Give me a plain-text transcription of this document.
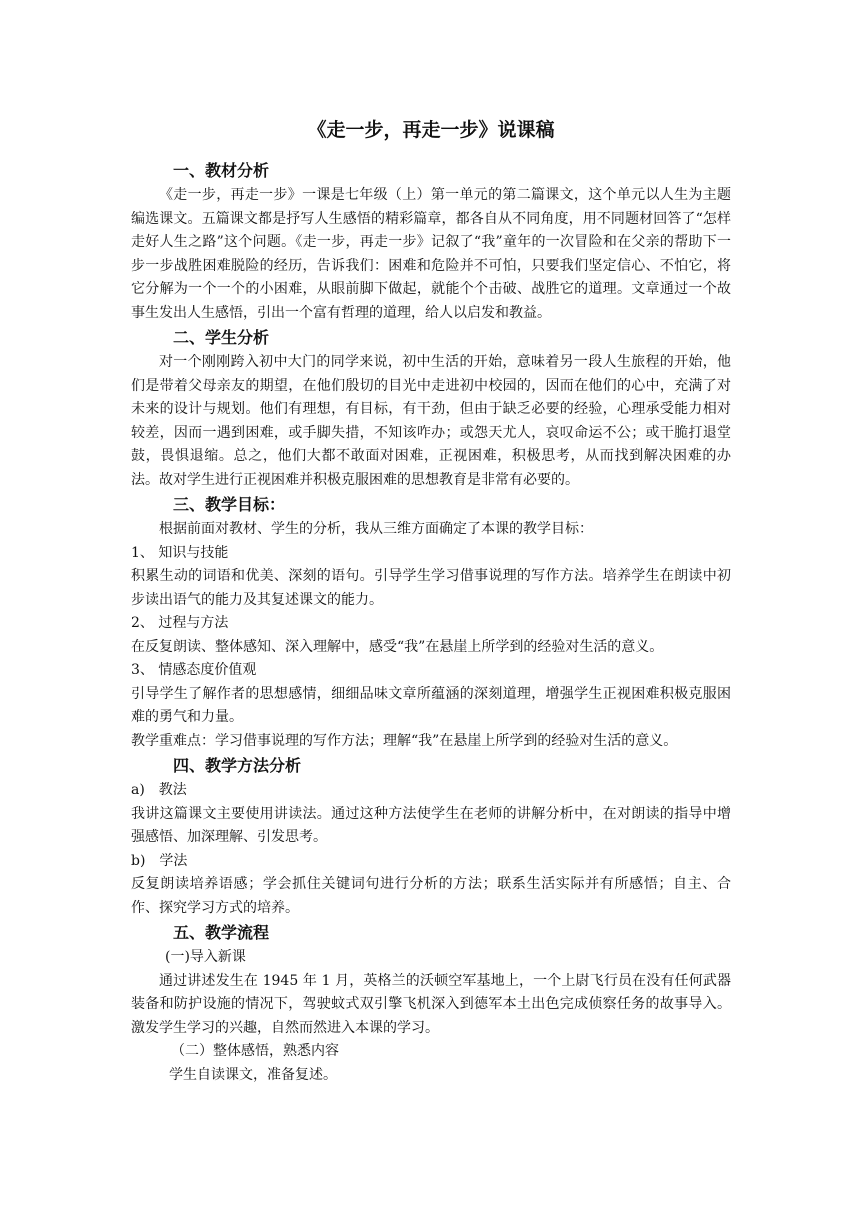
《走一步，再走一步》说课稿
一、教材分析

《走一步，再走一步》一课是七年级（上）第一单元的第二篇课文，这个单元以人生为主题编选课文。五篇课文都是抒写人生感悟的精彩篇章，都各自从不同角度，用不同题材回答了“怎样走好人生之路”这个问题。《走一步，再走一步》记叙了“我”童年的一次冒险和在父亲的帮助下一步一步战胜困难脱险的经历，告诉我们：困难和危险并不可怕，只要我们坚定信心、不怕它，将它分解为一个一个的小困难，从眼前脚下做起，就能个个击破、战胜它的道理。文章通过一个故事生发出人生感悟，引出一个富有哲理的道理，给人以启发和教益。

二、学生分析

对一个刚刚跨入初中大门的同学来说，初中生活的开始，意味着另一段人生旅程的开始，他们是带着父母亲友的期望，在他们殷切的目光中走进初中校园的，因而在他们的心中，充满了对未来的设计与规划。他们有理想，有目标，有干劲，但由于缺乏必要的经验，心理承受能力相对较差，因而一遇到困难，或手脚失措，不知该咋办；或怨天尤人，哀叹命运不公；或干脆打退堂鼓，畏惧退缩。总之，他们大都不敢面对困难，正视困难，积极思考，从而找到解决困难的办法。故对学生进行正视困难并积极克服困难的思想教育是非常有必要的。

三、教学目标：

根据前面对教材、学生的分析，我从三维方面确定了本课的教学目标：

1、 知识与技能

积累生动的词语和优美、深刻的语句。引导学生学习借事说理的写作方法。培养学生在朗读中初步读出语气的能力及其复述课文的能力。

2、 过程与方法

在反复朗读、整体感知、深入理解中，感受“我”在悬崖上所学到的经验对生活的意义。

3、 情感态度价值观

引导学生了解作者的思想感情，细细品味文章所蕴涵的深刻道理，增强学生正视困难积极克服困难的勇气和力量。

教学重难点：学习借事说理的写作方法；理解“我”在悬崖上所学到的经验对生活的意义。

四、教学方法分析

a)　教法

我讲这篇课文主要使用讲读法。通过这种方法使学生在老师的讲解分析中，在对朗读的指导中增强感悟、加深理解、引发思考。

b)　学法

反复朗读培养语感；学会抓住关键词句进行分析的方法；联系生活实际并有所感悟；自主、合作、探究学习方式的培养。

五、教学流程

(一)导入新课

通过讲述发生在 1945 年 1 月，英格兰的沃顿空军基地上，一个上尉飞行员在没有任何武器装备和防护设施的情况下，驾驶蚊式双引擎飞机深入到德军本土出色完成侦察任务的故事导入。激发学生学习的兴趣，自然而然进入本课的学习。

（二）整体感悟，熟悉内容

学生自读课文，准备复述。
